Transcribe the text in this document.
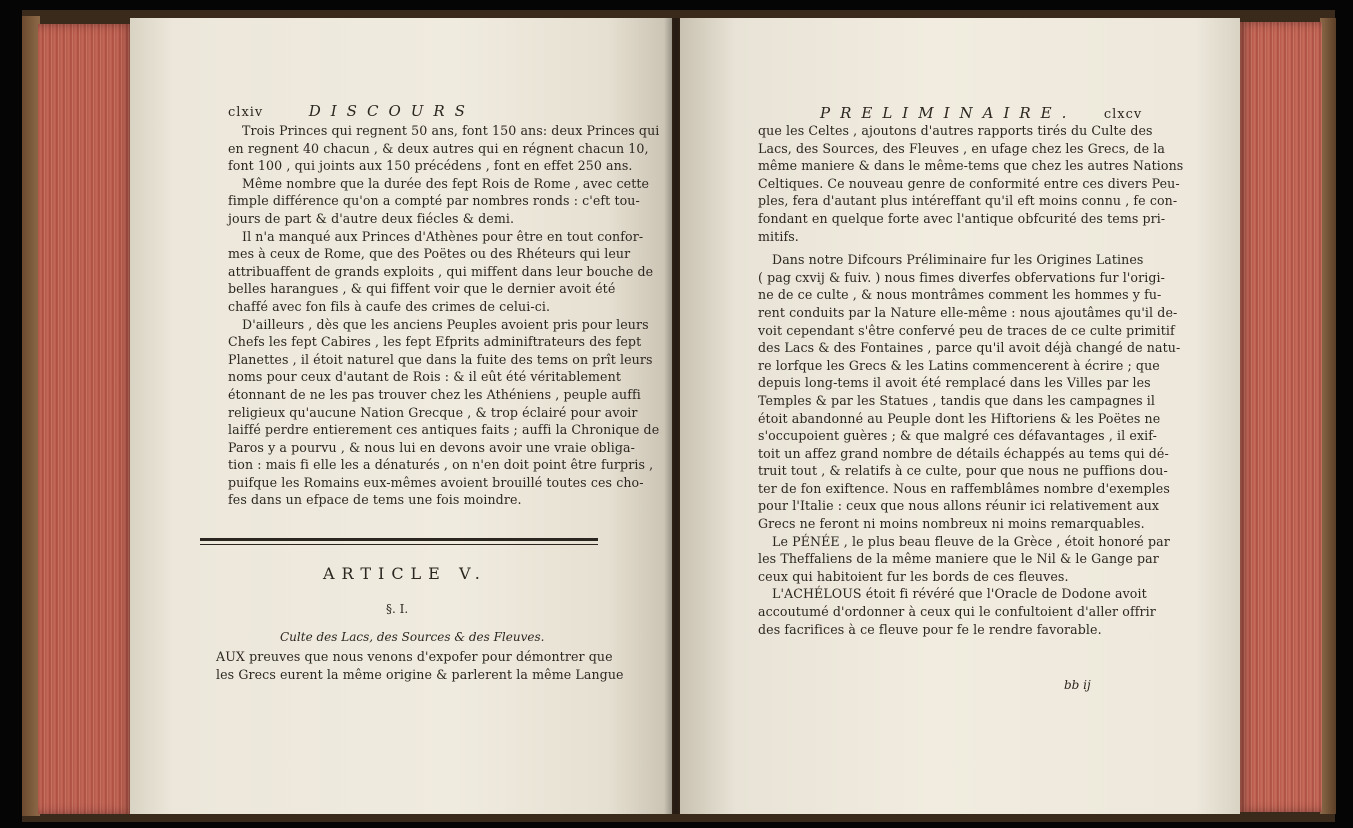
clxiv	DISCOURS
Trois Princes qui regnent 50 ans, font 150 ans: deux Princes qui
en regnent 40 chacun , & deux autres qui en régnent chacun 10,
font 100 , qui joints aux 150 précédens , font en effet 250 ans.
Même nombre que la durée des fept Rois de Rome , avec cette
fimple différence qu'on a compté par nombres ronds : c'eft tou-
jours de part & d'autre deux fiécles & demi.
Il n'a manqué aux Princes d'Athènes pour être en tout confor-
mes à ceux de Rome, que des Poëtes ou des Rhéteurs qui leur
attribuaffent de grands exploits , qui miffent dans leur bouche de
belles harangues , & qui fiffent voir que le dernier avoit été
chaffé avec fon fils à caufe des crimes de celui-ci.
D'ailleurs , dès que les anciens Peuples avoient pris pour leurs
Chefs les fept Cabires , les fept Efprits adminiftrateurs des fept
Planettes , il étoit naturel que dans la fuite des tems on prît leurs
noms pour ceux d'autant de Rois : & il eût été véritablement
étonnant de ne les pas trouver chez les Athéniens , peuple auffi
religieux qu'aucune Nation Grecque , & trop éclairé pour avoir
laiffé perdre entierement ces antiques faits ; auffi la Chronique de
Paros y a pourvu , & nous lui en devons avoir une vraie obliga-
tion : mais fi elle les a dénaturés , on n'en doit point être furpris ,
puifque les Romains eux-mêmes avoient brouillé toutes ces cho-
fes dans un efpace de tems une fois moindre.
ARTICLE V.
§. I.
Culte des Lacs, des Sources & des Fleuves.
AUX preuves que nous venons d'expofer pour démontrer que
les Grecs eurent la même origine & parlerent la même Langue
PRELIMINAIRE. clxcv
que les Celtes , ajoutons d'autres rapports tirés du Culte des
Lacs, des Sources, des Fleuves , en ufage chez les Grecs, de la
même maniere & dans le même-tems que chez les autres Nations
Celtiques. Ce nouveau genre de conformité entre ces divers Peu-
ples, fera d'autant plus intéreffant qu'il eft moins connu , fe con-
fondant en quelque forte avec l'antique obfcurité des tems pri-
mitifs.
Dans notre Difcours Préliminaire fur les Origines Latines
( pag cxvij & fuiv. ) nous fimes diverfes obfervations fur l'origi-
ne de ce culte , & nous montrâmes comment les hommes y fu-
rent conduits par la Nature elle-même : nous ajoutâmes qu'il de-
voit cependant s'être confervé peu de traces de ce culte primitif
des Lacs & des Fontaines , parce qu'il avoit déjà changé de natu-
re lorfque les Grecs & les Latins commencerent à écrire ; que
depuis long-tems il avoit été remplacé dans les Villes par les
Temples & par les Statues , tandis que dans les campagnes il
étoit abandonné au Peuple dont les Hiftoriens & les Poëtes ne
s'occupoient guères ; & que malgré ces défavantages , il exif-
toit un affez grand nombre de détails échappés au tems qui dé-
truit tout , & relatifs à ce culte, pour que nous ne puffions dou-
ter de fon exiftence. Nous en raffemblâmes nombre d'exemples
pour l'Italie : ceux que nous allons réunir ici relativement aux
Grecs ne feront ni moins nombreux ni moins remarquables.
Le PÉNÉE , le plus beau fleuve de la Grèce , étoit honoré par
les Theffaliens de la même maniere que le Nil & le Gange par
ceux qui habitoient fur les bords de ces fleuves.
L'ACHÉLOUS étoit fi révéré que l'Oracle de Dodone avoit
accoutumé d'ordonner à ceux qui le confultoient d'aller offrir
des facrifices à ce fleuve pour fe le rendre favorable.
bb ij
